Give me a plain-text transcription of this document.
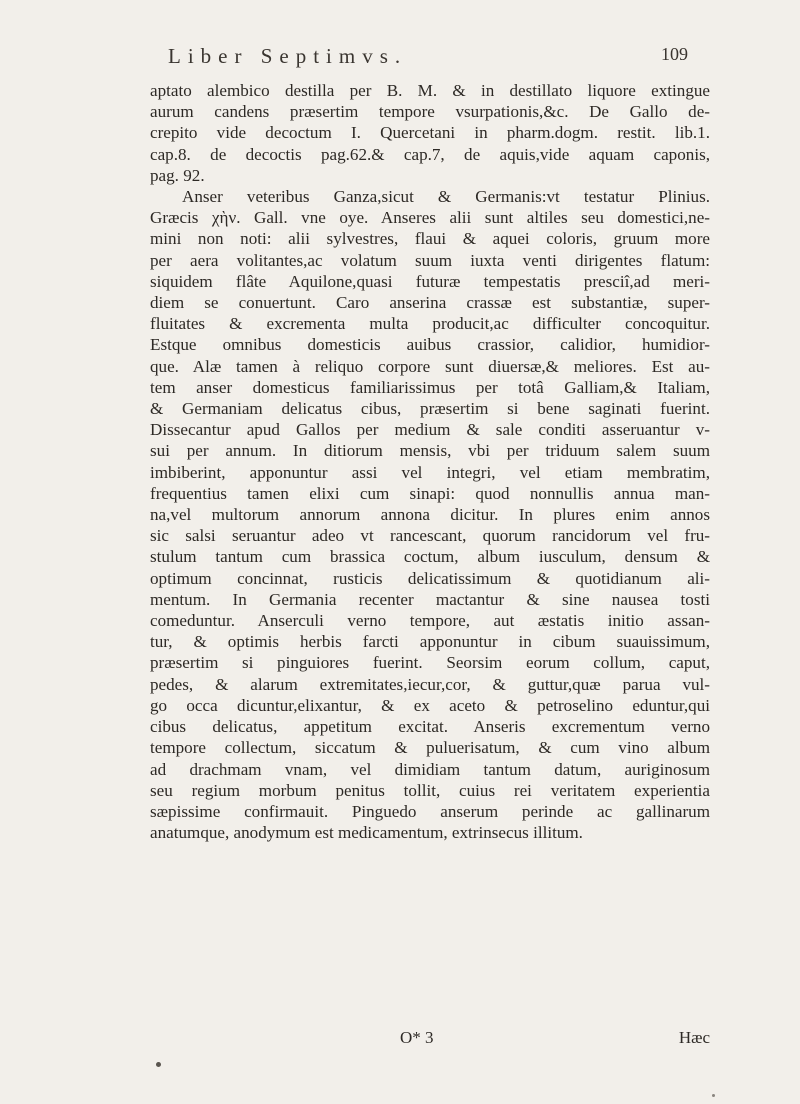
Liber Septimvs.	109
aptato alembico destilla per B. M. & in destillato liquore extingue
aurum candens præsertim tempore vsurpationis,&c. De Gallo de-
crepito vide decoctum I. Quercetani in pharm.dogm. restit. lib.1.
cap.8. de decoctis pag.62.& cap.7, de aquis,vide aquam caponis,
pag. 92.
Anser veteribus Ganza,sicut & Germanis:vt testatur Plinius.
Græcis χὴν. Gall. vne oye. Anseres alii sunt altiles seu domestici,ne-
mini non noti: alii sylvestres, flaui & aquei coloris, gruum more
per aera volitantes,ac volatum suum iuxta venti dirigentes flatum:
siquidem flâte Aquilone,quasi futuræ tempestatis presciî,ad meri-
diem se conuertunt. Caro anserina crassæ est substantiæ, super-
fluitates & excrementa multa producit,ac difficulter concoquitur.
Estque omnibus domesticis auibus crassior, calidior, humidior-
que. Alæ tamen à reliquo corpore sunt diuersæ,& meliores. Est au-
tem anser domesticus familiarissimus per totâ Galliam,& Italiam,
& Germaniam delicatus cibus, præsertim si bene saginati fuerint.
Dissecantur apud Gallos per medium & sale conditi asseruantur v-
sui per annum. In ditiorum mensis, vbi per triduum salem suum
imbiberint, apponuntur assi vel integri, vel etiam membratim,
frequentius tamen elixi cum sinapi: quod nonnullis annua man-
na,vel multorum annorum annona dicitur. In plures enim annos
sic salsi seruantur adeo vt rancescant, quorum rancidorum vel fru-
stulum tantum cum brassica coctum, album iusculum, densum &
optimum concinnat, rusticis delicatissimum & quotidianum ali-
mentum. In Germania recenter mactantur & sine nausea tosti
comeduntur. Anserculi verno tempore, aut æstatis initio assan-
tur, & optimis herbis farcti apponuntur in cibum suauissimum,
præsertim si pinguiores fuerint. Seorsim eorum collum, caput,
pedes, & alarum extremitates,iecur,cor, & guttur,quæ parua vul-
go occa dicuntur,elixantur, & ex aceto & petroselino eduntur,qui
cibus delicatus, appetitum excitat. Anseris excrementum verno
tempore collectum, siccatum & puluerisatum, & cum vino album
ad drachmam vnam, vel dimidiam tantum datum, auriginosum
seu regium morbum penitus tollit, cuius rei veritatem experientia
sæpissime confirmauit. Pinguedo anserum perinde ac gallinarum
anatumque, anodymum est medicamentum, extrinsecus illitum.
O* 3	Hæc
